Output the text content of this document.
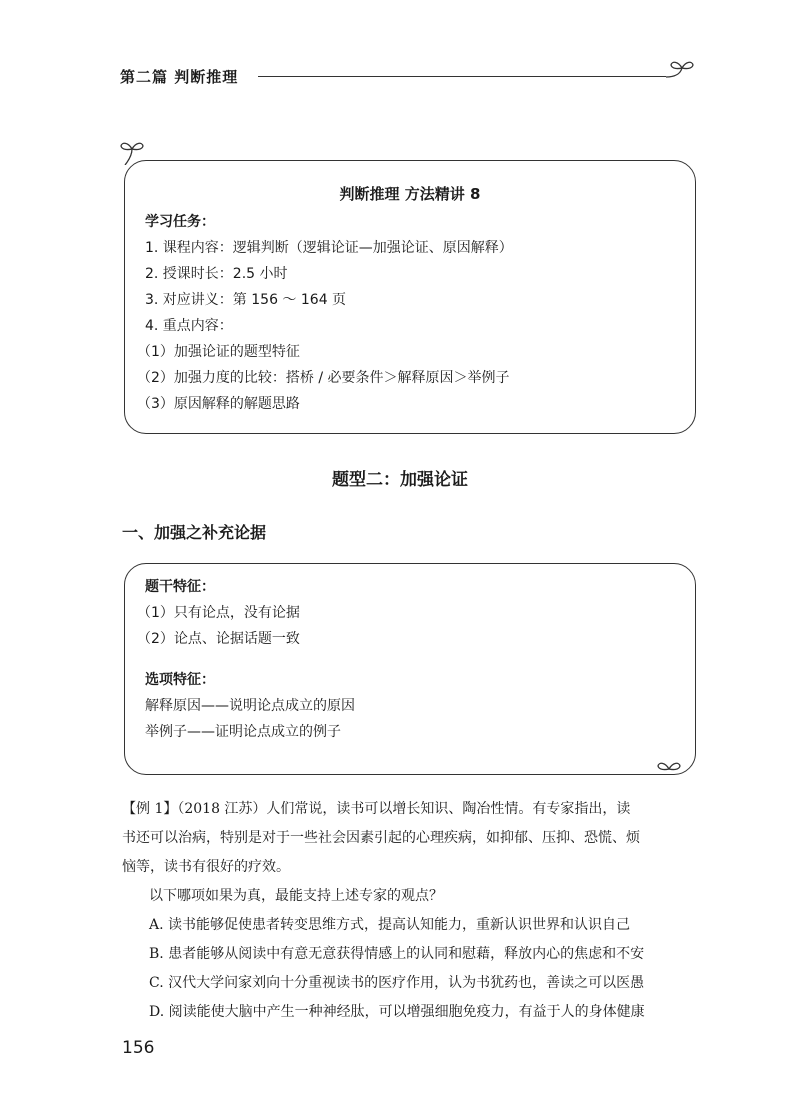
第二篇 判断推理
判断推理 方法精讲 8
学习任务：
1. 课程内容：逻辑判断（逻辑论证—加强论证、原因解释）
2. 授课时长：2.5 小时
3. 对应讲义：第 156 ～ 164 页
4. 重点内容：
（1）加强论证的题型特征
（2）加强力度的比较：搭桥 / 必要条件＞解释原因＞举例子
（3）原因解释的解题思路
题型二：加强论证
一、加强之补充论据
题干特征：
（1）只有论点，没有论据
（2）论点、论据话题一致
选项特征：
解释原因——说明论点成立的原因
举例子——证明论点成立的例子
【例 1】（2018 江苏）人们常说，读书可以增长知识、陶冶性情。有专家指出，读
书还可以治病，特别是对于一些社会因素引起的心理疾病，如抑郁、压抑、恐慌、烦
恼等，读书有很好的疗效。
以下哪项如果为真，最能支持上述专家的观点？
A. 读书能够促使患者转变思维方式，提高认知能力，重新认识世界和认识自己
B. 患者能够从阅读中有意无意获得情感上的认同和慰藉，释放内心的焦虑和不安
C. 汉代大学问家刘向十分重视读书的医疗作用，认为书犹药也，善读之可以医愚
D. 阅读能使大脑中产生一种神经肽，可以增强细胞免疫力，有益于人的身体健康
156
